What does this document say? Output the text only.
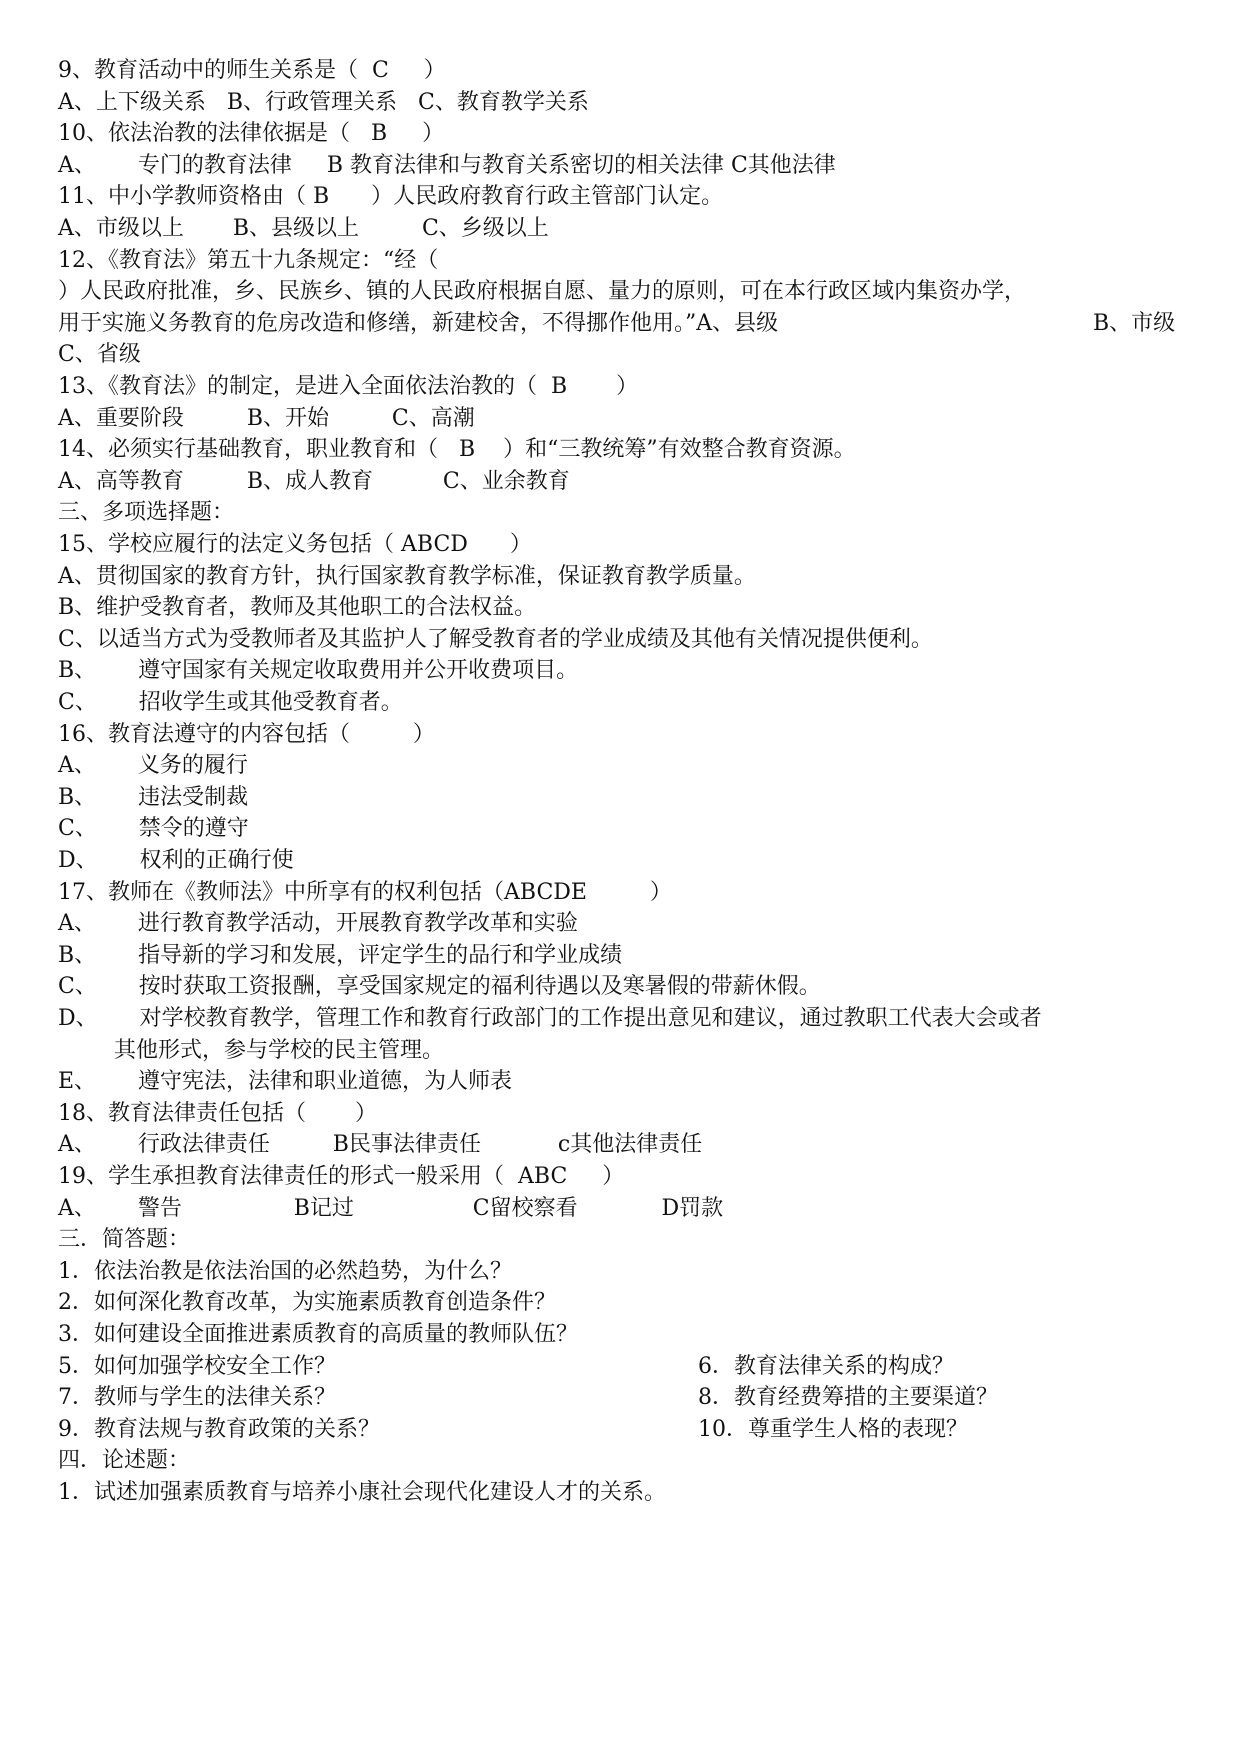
9、教育活动中的师生关系是（  C     ）
A、上下级关系   B、行政管理关系   C、教育教学关系
10、依法治教的法律依据是（   B     ）
A、      专门的教育法律     B 教育法律和与教育关系密切的相关法律 C其他法律
11、中小学教师资格由（ B      ）人民政府教育行政主管部门认定。
A、市级以上       B、县级以上         C、乡级以上
12、《教育法》第五十九条规定：“经（
）人民政府批准，乡、民族乡、镇的人民政府根据自愿、量力的原则，可在本行政区域内集资办学，
用于实施义务教育的危房改造和修缮，新建校舍，不得挪作他用。”A、县级	B、市级
C、省级
13、《教育法》的制定，是进入全面依法治教的（  B       ）
A、重要阶段         B、开始         C、高潮
14、必须实行基础教育，职业教育和（   B    ）和“三教统筹”有效整合教育资源。
A、高等教育         B、成人教育          C、业余教育
三、多项选择题：
15、学校应履行的法定义务包括（ ABCD      ）
A、贯彻国家的教育方针，执行国家教育教学标准，保证教育教学质量。
B、维护受教育者，教师及其他职工的合法权益。
C、以适当方式为受教师者及其监护人了解受教育者的学业成绩及其他有关情况提供便利。
B、      遵守国家有关规定收取费用并公开收费项目。
C、      招收学生或其他受教育者。
16、教育法遵守的内容包括（         ）
A、      义务的履行
B、      违法受制裁
C、      禁令的遵守
D、      权利的正确行使
17、教师在《教师法》中所享有的权利包括（ABCDE         ）
A、      进行教育教学活动，开展教育教学改革和实验
B、      指导新的学习和发展，评定学生的品行和学业成绩
C、      按时获取工资报酬，享受国家规定的福利待遇以及寒暑假的带薪休假。
D、      对学校教育教学，管理工作和教育行政部门的工作提出意见和建议，通过教职工代表大会或者
其他形式，参与学校的民主管理。
E、      遵守宪法，法律和职业道德，为人师表
18、教育法律责任包括（       ）
A、      行政法律责任         B民事法律责任           c其他法律责任
19、学生承担教育法律责任的形式一般采用（  ABC     ）
A、      警告                B记过                 C留校察看            D罚款
三．简答题：
1．依法治教是依法治国的必然趋势，为什么？
2．如何深化教育改革，为实施素质教育创造条件？
3．如何建设全面推进素质教育的高质量的教师队伍？
5．如何加强学校安全工作？	6．教育法律关系的构成？
7．教师与学生的法律关系？	8．教育经费筹措的主要渠道？
9．教育法规与教育政策的关系？	10．尊重学生人格的表现？
四．论述题：
1．试述加强素质教育与培养小康社会现代化建设人才的关系。
